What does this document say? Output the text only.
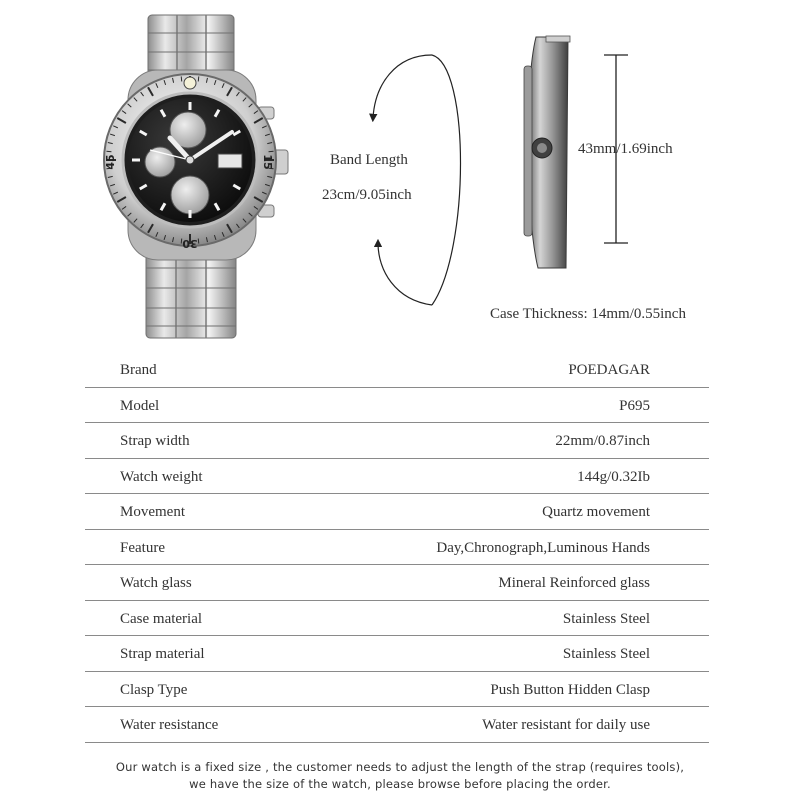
45	15
30
Band Length
23cm/9.05inch
43mm/1.69inch
Case Thickness: 14mm/0.55inch
Brand	POEDAGAR
Model	P695
Strap width	22mm/0.87inch
Watch weight	144g/0.32Ib
Movement	Quartz movement
Feature	Day,Chronograph,Luminous Hands
Watch glass	Mineral Reinforced glass
Case material	Stainless Steel
Strap material	Stainless Steel
Clasp Type	Push Button Hidden Clasp
Water resistance	Water resistant for daily use
Our watch is a fixed size , the customer needs to adjust the length of the strap (requires tools),
we have the size of the watch, please browse before placing the order.
